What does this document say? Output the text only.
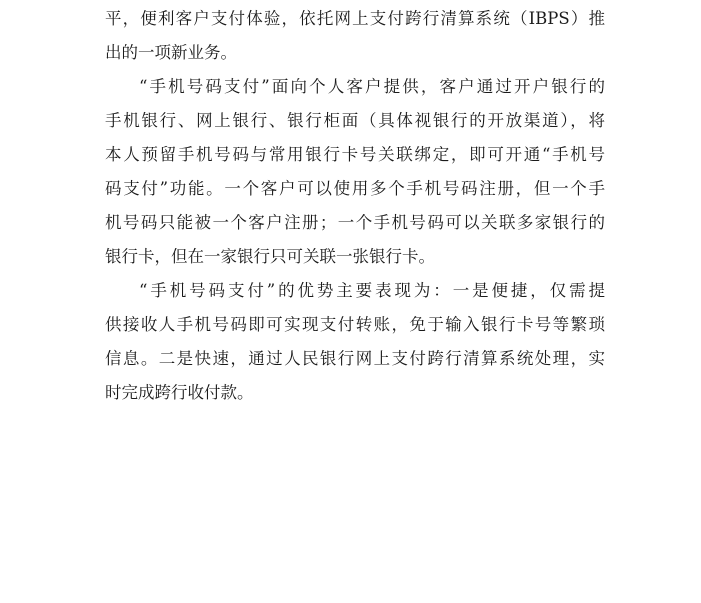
平，便利客户支付体验，依托网上支付跨行清算系统（IBPS）推
出的一项新业务。
“手机号码支付”面向个人客户提供，客户通过开户银行的
手机银行、网上银行、银行柜面（具体视银行的开放渠道），将
本人预留手机号码与常用银行卡号关联绑定，即可开通“手机号
码支付”功能。一个客户可以使用多个手机号码注册，但一个手
机号码只能被一个客户注册；一个手机号码可以关联多家银行的
银行卡，但在一家银行只可关联一张银行卡。
“手机号码支付”的优势主要表现为：一是便捷，仅需提
供接收人手机号码即可实现支付转账，免于输入银行卡号等繁琐
信息。二是快速，通过人民银行网上支付跨行清算系统处理，实
时完成跨行收付款。
